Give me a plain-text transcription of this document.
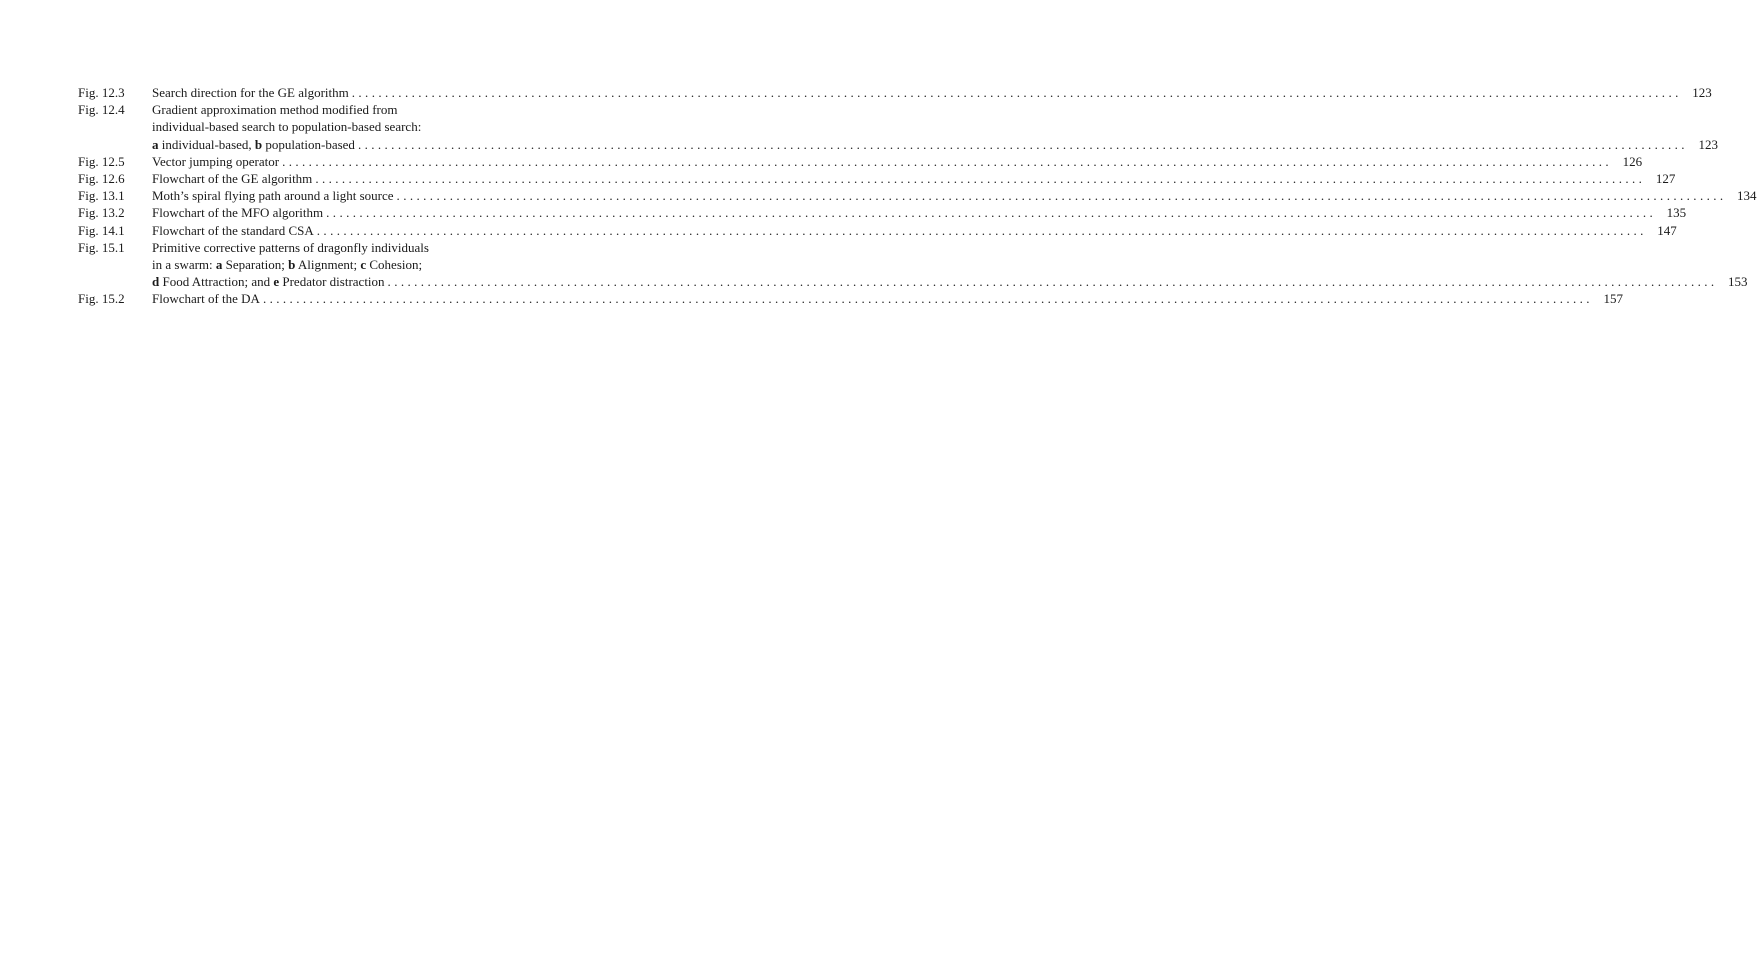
Fig. 12.3	Search direction for the GE algorithm ........................................................................................................................................................................................................ 123
Fig. 12.4	Gradient approximation method modified from
individual-based search to population-based search:
a individual-based, b population-based ........................................................................................................................................................................................................ 123
Fig. 12.5	Vector jumping operator ........................................................................................................................................................................................................ 126
Fig. 12.6	Flowchart of the GE algorithm ........................................................................................................................................................................................................ 127
Fig. 13.1	Moth’s spiral flying path around a light source ........................................................................................................................................................................................................ 134
Fig. 13.2	Flowchart of the MFO algorithm ........................................................................................................................................................................................................ 135
Fig. 14.1	Flowchart of the standard CSA ........................................................................................................................................................................................................ 147
Fig. 15.1	Primitive corrective patterns of dragonfly individuals
in a swarm: a Separation; b Alignment; c Cohesion;
d Food Attraction; and e Predator distraction ........................................................................................................................................................................................................ 153
Fig. 15.2	Flowchart of the DA ........................................................................................................................................................................................................ 157
